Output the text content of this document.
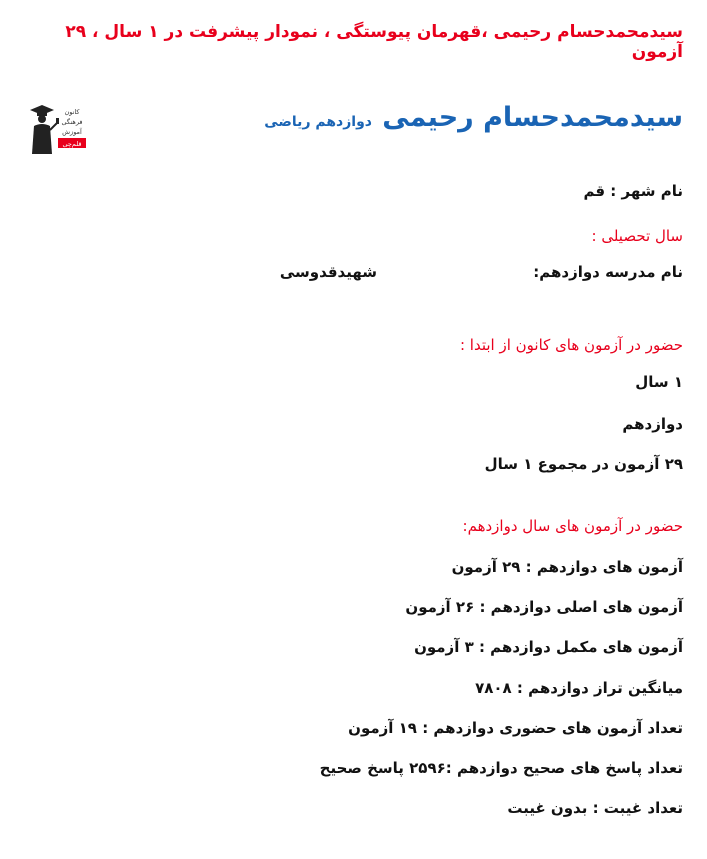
سیدمحمدحسام رحیمی ،قهرمان پیوستگی ، نمودار پیشرفت در ۱ سال ، ۲۹ آزمون
کانون
فرهنگی
آموزش
قلم‌چی
دوازدهم ریاضی سیدمحمدحسام رحیمی
نام شهر : قم
سال تحصیلی :
نام مدرسه دوازدهم:
شهیدقدوسی
حضور در آزمون های کانون از ابتدا :
۱ سال
دوازدهم
۲۹ آزمون در مجموع ۱ سال
حضور در آزمون های سال دوازدهم:
آزمون های دوازدهم : ۲۹ آزمون
آزمون های اصلی دوازدهم : ۲۶ آزمون
آزمون های مکمل دوازدهم : ۳ آزمون
میانگین تراز دوازدهم : ۷۸۰۸
تعداد آزمون های حضوری دوازدهم : ۱۹ آزمون
تعداد پاسخ های صحیح دوازدهم :۲۵۹۶ پاسخ صحیح
تعداد غیبت : بدون غیبت
